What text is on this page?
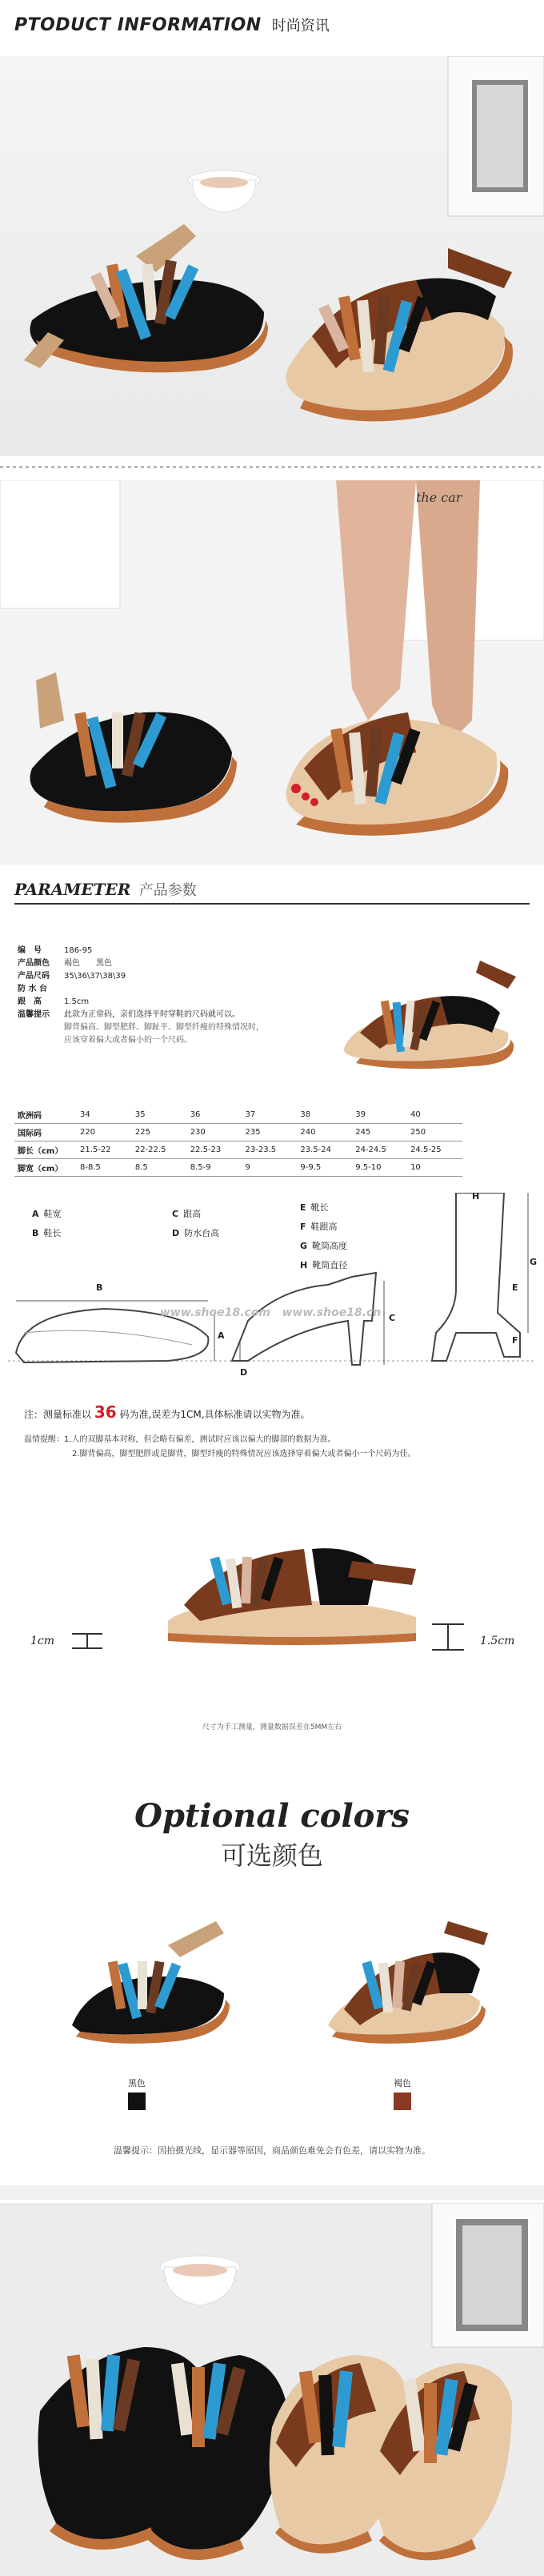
PTODUCT INFORMATION 时尚资讯
the car
PARAMETER 产品参数
编　号	186-95
产品颜色 褐色　　黑色
产品尺码 35\36\37\38\39
防 水 台
跟　高	1.5cm
温馨提示 此款为正常码，亲们选择平时穿鞋的尺码就可以。
脚背偏高、脚型肥胖、脚趾平、脚型纤瘦的特殊情况时，
应该穿着偏大或者偏小的一个尺码。
欧洲码	34	35	36	37	38	39	40
国际码	220	225	230	235	240	245	250
脚长（cm）	21.5-22	22-22.5	22.5-23	23-23.5	23.5-24	24-24.5	24.5-25
脚宽（cm）	8-8.5	8.5	8.5-9	9	9-9.5	9.5-10	10
A 鞋宽
B 鞋长
C 跟高
D 防水台高
E 靴长
F 鞋跟高
G 靴筒高度
H 靴筒直径
B
A
D
C
H
G
E
F
www.shoe18.com   www.shoe18.cn
注：测量标准以 36 码为准,误差为1CM,具体标准请以实物为准。
温情提醒：1.人的双脚基本对称，但会略有偏差，测试时应该以偏大的脚部的数据为准。
2.脚背偏高，脚型肥胖或是脚背，脚型纤瘦的特殊情况应该选择穿着偏大或者偏小一个尺码为佳。
1cm	1.5cm
尺寸为手工测量，测量数据误差在5MM左右
Optional colors
可选颜色
黑色	褐色
温馨提示：因拍摄光线，显示器等原因，商品颜色难免会有色差，请以实物为准。
